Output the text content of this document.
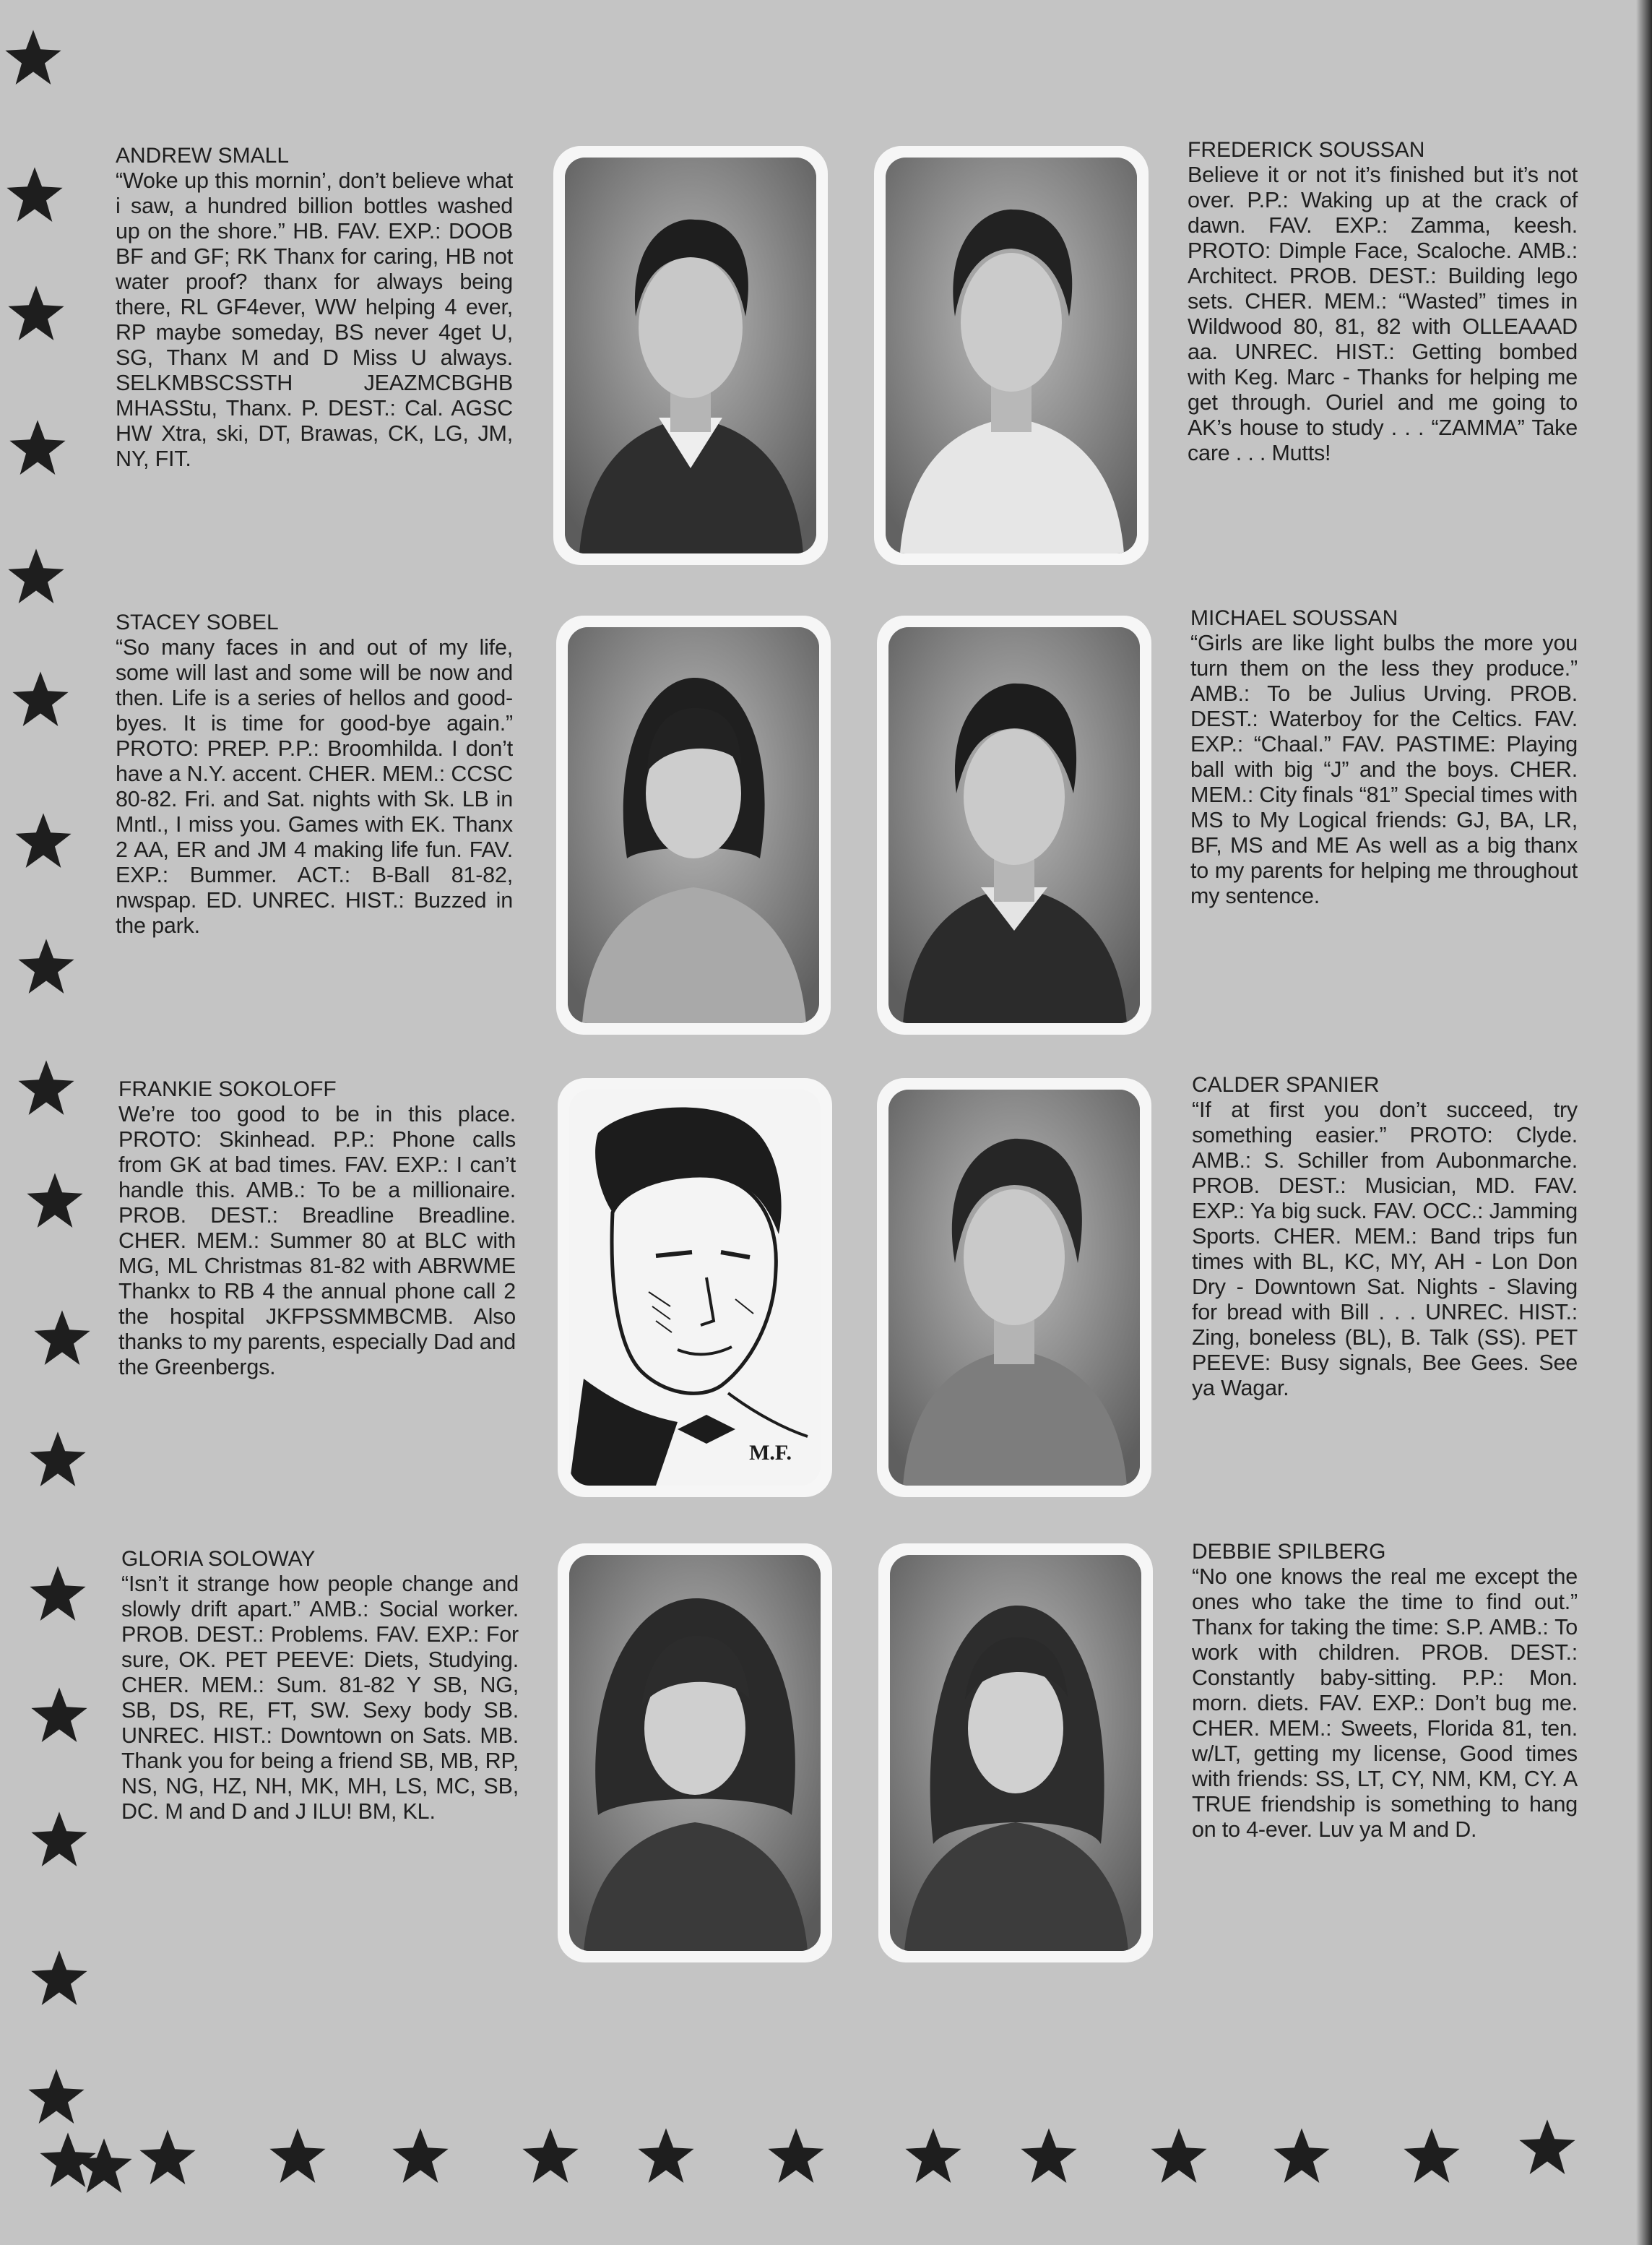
ANDREW SMALL
“Woke up this mornin’, don’t believe what i saw, a hundred billion bottles washed up on the shore.” HB. FAV. EXP.: DOOB BF and GF; RK Thanx for caring, HB not water proof? thanx for always being there, RL GF4ever, WW helping 4 ever, RP maybe someday, BS never 4get U, SG, Thanx M and D Miss U always. SELKMBSCSSTH JEAZMCBGHB MHASStu, Thanx. P. DEST.: Cal. AGSC HW Xtra, ski, DT, Brawas, CK, LG, JM, NY, FIT.
FREDERICK SOUSSAN
Believe it or not it’s finished but it’s not over. P.P.: Waking up at the crack of dawn. FAV. EXP.: Zamma, keesh. PROTO: Dimple Face, Scaloche. AMB.: Architect. PROB. DEST.: Building lego sets. CHER. MEM.: “Wasted” times in Wildwood 80, 81, 82 with OLLEAAAD aa. UNREC. HIST.: Getting bombed with Keg. Marc - Thanks for helping me get through. Ouriel and me going to AK’s house to study . . . “ZAMMA” Take care . . . Mutts!
STACEY SOBEL
“So many faces in and out of my life, some will last and some will be now and then. Life is a series of hellos and good-byes. It is time for good-bye again.” PROTO: PREP. P.P.: Broomhilda. I don’t have a N.Y. accent. CHER. MEM.: CCSC 80-82. Fri. and Sat. nights with Sk. LB in Mntl., I miss you. Games with EK. Thanx 2 AA, ER and JM 4 making life fun. FAV. EXP.: Bummer. ACT.: B-Ball 81-82, nwspap. ED. UNREC. HIST.: Buzzed in the park.
MICHAEL SOUSSAN
“Girls are like light bulbs the more you turn them on the less they produce.” AMB.: To be Julius Urving. PROB. DEST.: Waterboy for the Celtics. FAV. EXP.: “Chaal.” FAV. PASTIME: Playing ball with big “J” and the boys. CHER. MEM.: City finals “81” Special times with MS to My Logical friends: GJ, BA, LR, BF, MS and ME As well as a big thanx to my parents for helping me throughout my sentence.
FRANKIE SOKOLOFF
We’re too good to be in this place. PROTO: Skinhead. P.P.: Phone calls from GK at bad times. FAV. EXP.: I can’t handle this. AMB.: To be a millionaire. PROB. DEST.: Breadline Breadline. CHER. MEM.: Summer 80 at BLC with MG, ML Christmas 81-82 with ABRWME Thankx to RB 4 the annual phone call 2 the hospital JKFPSSMMBCMB. Also thanks to my parents, especially Dad and the Greenbergs.
M.F.
CALDER SPANIER
“If at first you don’t succeed, try something easier.” PROTO: Clyde. AMB.: S. Schiller from Aubonmarche. PROB. DEST.: Musician, MD. FAV. EXP.: Ya big suck. FAV. OCC.: Jamming Sports. CHER. MEM.: Band trips fun times with BL, KC, MY, AH - Lon Don Dry - Downtown Sat. Nights - Slaving for bread with Bill . . . UNREC. HIST.: Zing, boneless (BL), B. Talk (SS). PET PEEVE: Busy signals, Bee Gees. See ya Wagar.
GLORIA SOLOWAY
“Isn’t it strange how people change and slowly drift apart.” AMB.: Social worker. PROB. DEST.: Problems. FAV. EXP.: For sure, OK. PET PEEVE: Diets, Studying. CHER. MEM.: Sum. 81-82 Y SB, NG, SB, DS, RE, FT, SW. Sexy body SB. UNREC. HIST.: Downtown on Sats. MB. Thank you for being a friend SB, MB, RP, NS, NG, HZ, NH, MK, MH, LS, MC, SB, DC. M and D and J ILU! BM, KL.
DEBBIE SPILBERG
“No one knows the real me except the ones who take the time to find out.” Thanx for taking the time: S.P. AMB.: To work with children. PROB. DEST.: Constantly baby-sitting. P.P.: Mon. morn. diets. FAV. EXP.: Don’t bug me. CHER. MEM.: Sweets, Florida 81, ten. w/LT, getting my license, Good times with friends: SS, LT, CY, NM, KM, CY. A TRUE friendship is something to hang on to 4-ever. Luv ya M and D.
